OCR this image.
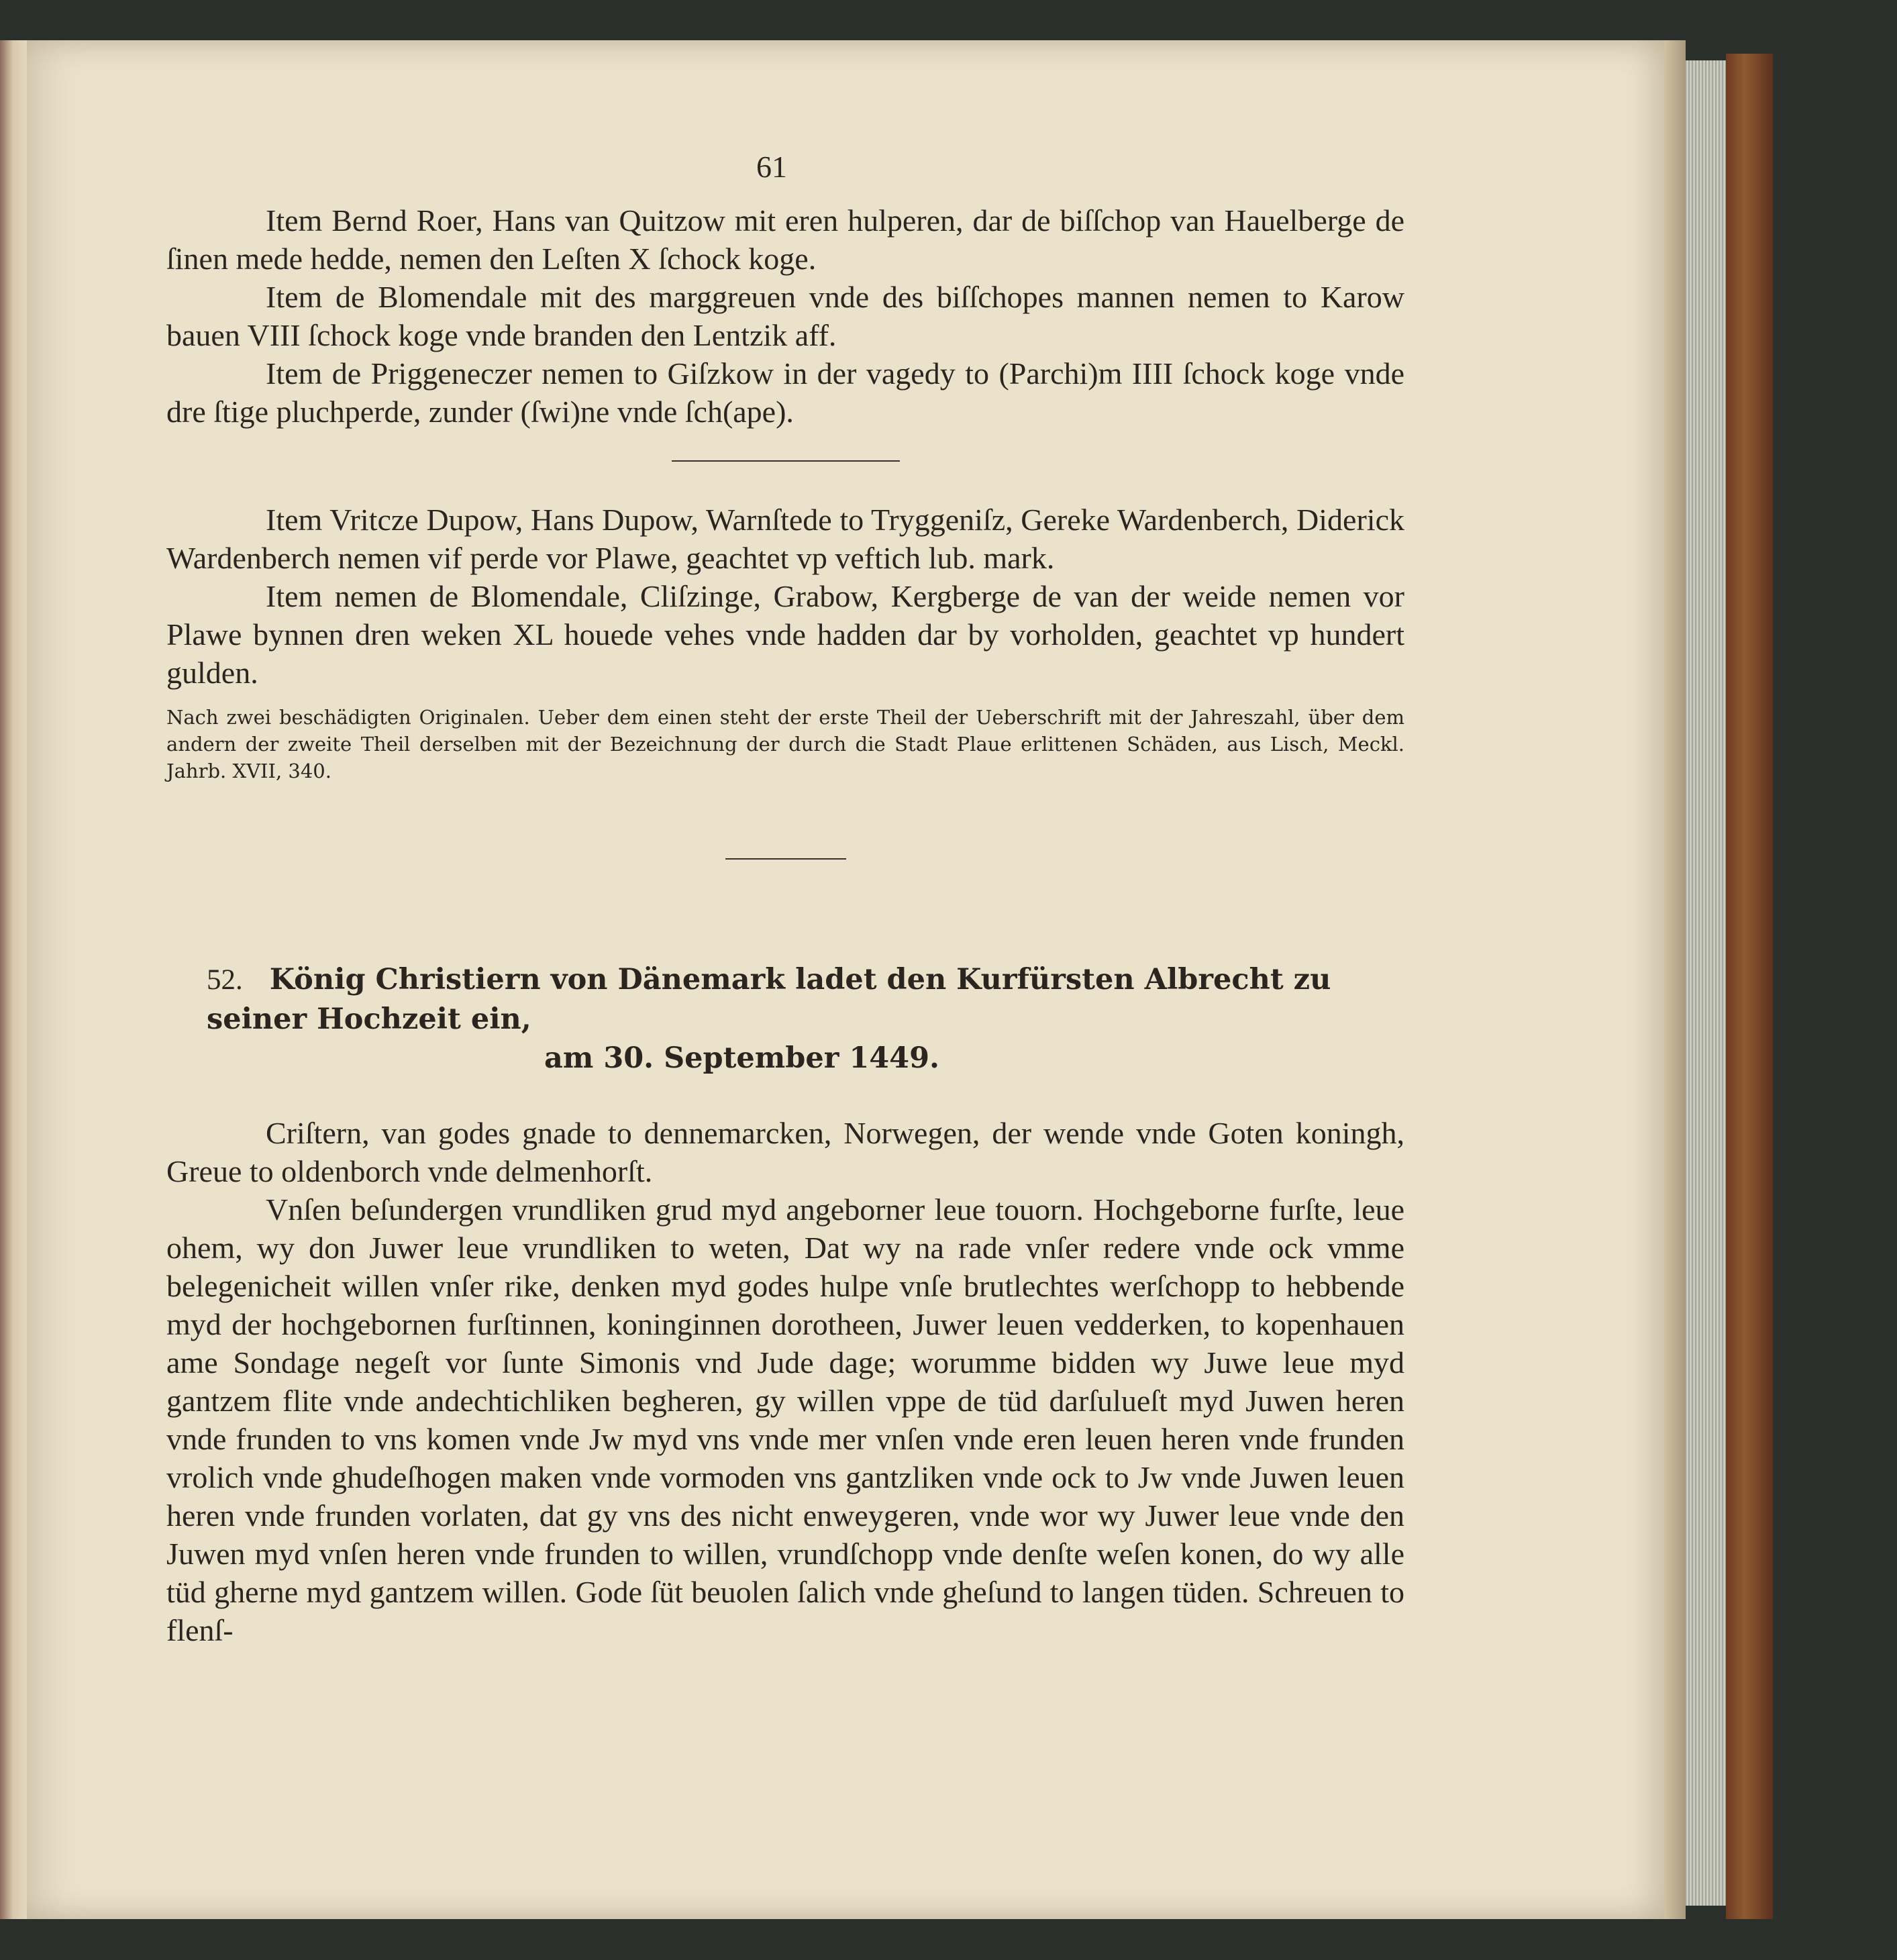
61

Item Bernd Roer, Hans van Quitzow mit eren hulperen, dar de biſſchop van Hauelberge de ſinen mede hedde, nemen den Leſten X ſchock koge.

Item de Blomendale mit des marggreuen vnde des biſſchopes mannen nemen to Karow bauen VIII ſchock koge vnde branden den Lentzik aff.

Item de Priggeneczer nemen to Giſzkow in der vagedy to (Parchi)m IIII ſchock koge vnde dre ſtige pluchperde, zunder (ſwi)ne vnde ſch(ape).

Item Vritcze Dupow, Hans Dupow, Warnſtede to Tryggeniſz, Gereke Wardenberch, Diderick Wardenberch nemen vif perde vor Plawe, geachtet vp veftich lub. mark.

Item nemen de Blomendale, Cliſzinge, Grabow, Kergberge de van der weide nemen vor Plawe bynnen dren weken XL houede vehes vnde hadden dar by vorholden, geachtet vp hundert gulden.

Nach zwei beschädigten Originalen. Ueber dem einen steht der erste Theil der Ueberschrift mit der Jahreszahl, über dem andern der zweite Theil derselben mit der Bezeichnung der durch die Stadt Plaue erlittenen Schäden, aus Lisch, Meckl. Jahrb. XVII, 340.

52. König Christiern von Dänemark ladet den Kurfürsten Albrecht zu seiner Hochzeit ein,
am 30. September 1449.

Criſtern, van godes gnade to dennemarcken, Norwegen, der wende vnde Goten koningh, Greue to oldenborch vnde delmenhorſt.

Vnſen beſundergen vrundliken grud myd angeborner leue touorn. Hochgeborne furſte, leue ohem, wy don Juwer leue vrundliken to weten, Dat wy na rade vnſer redere vnde ock vmme belegenicheit willen vnſer rike, denken myd godes hulpe vnſe brutlechtes werſchopp to hebbende myd der hochgebornen furſtinnen, koninginnen dorotheen, Juwer leuen vedderken, to kopenhauen ame Sondage negeſt vor ſunte Simonis vnd Jude dage; worumme bidden wy Juwe leue myd gantzem flite vnde andechtichliken begheren, gy willen vppe de tüd darſulueſt myd Juwen heren vnde frunden to vns komen vnde Jw myd vns vnde mer vnſen vnde eren leuen heren vnde frunden vrolich vnde ghudeſhogen maken vnde vormoden vns gantzliken vnde ock to Jw vnde Juwen leuen heren vnde frunden vorlaten, dat gy vns des nicht enweygeren, vnde wor wy Juwer leue vnde den Juwen myd vnſen heren vnde frunden to willen, vrundſchopp vnde denſte weſen konen, do wy alle tüd gherne myd gantzem willen. Gode ſüt beuolen ſalich vnde gheſund to langen tüden. Schreuen to flenſ-
